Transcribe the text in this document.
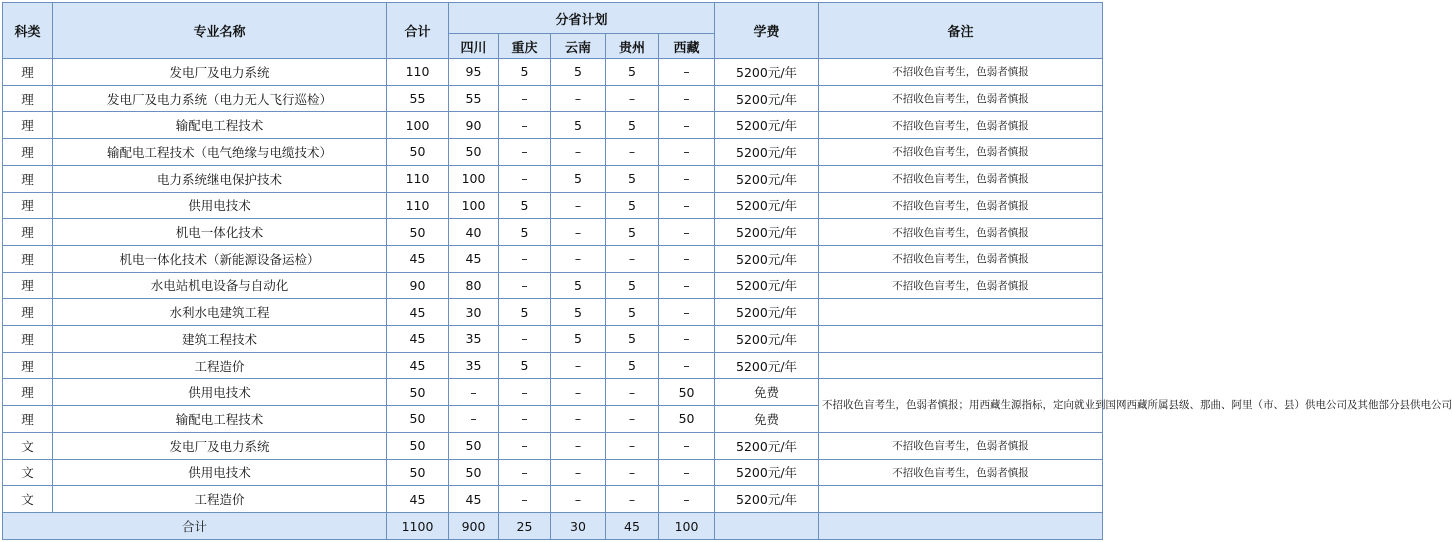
科类	专业名称	合计	分省计划					学费	备注
			四川	重庆	云南	贵州	西藏		
理	发电厂及电力系统	110	95	5	5	5	–	5200元/年	不招收色盲考生，色弱者慎报
理	发电厂及电力系统（电力无人飞行巡检）	55	55	–	–	–	–	5200元/年	不招收色盲考生，色弱者慎报
理	输配电工程技术	100	90	–	5	5	–	5200元/年	不招收色盲考生，色弱者慎报
理	输配电工程技术（电气绝缘与电缆技术）	50	50	–	–	–	–	5200元/年	不招收色盲考生，色弱者慎报
理	电力系统继电保护技术	110	100	–	5	5	–	5200元/年	不招收色盲考生，色弱者慎报
理	供用电技术	110	100	5	–	5	–	5200元/年	不招收色盲考生，色弱者慎报
理	机电一体化技术	50	40	5	–	5	–	5200元/年	不招收色盲考生，色弱者慎报
理	机电一体化技术（新能源设备运检）	45	45	–	–	–	–	5200元/年	不招收色盲考生，色弱者慎报
理	水电站机电设备与自动化	90	80	–	5	5	–	5200元/年	不招收色盲考生，色弱者慎报
理	水利水电建筑工程	45	30	5	5	5	–	5200元/年	
理	建筑工程技术	45	35	–	5	5	–	5200元/年	
理	工程造价	45	35	5	–	5	–	5200元/年	
理	供用电技术	50	–	–	–	–	50	免费	不招收色盲考生，色弱者慎报；用西藏生源指标，定向就业到国网西藏所属县级、那曲、阿里（市、县）供电公司及其他部分县供电公司
理	输配电工程技术	50	–	–	–	–	50	免费	
文	发电厂及电力系统	50	50	–	–	–	–	5200元/年	不招收色盲考生，色弱者慎报
文	供用电技术	50	50	–	–	–	–	5200元/年	不招收色盲考生，色弱者慎报
文	工程造价	45	45	–	–	–	–	5200元/年	
合计		1100	900	25	30	45	100		
